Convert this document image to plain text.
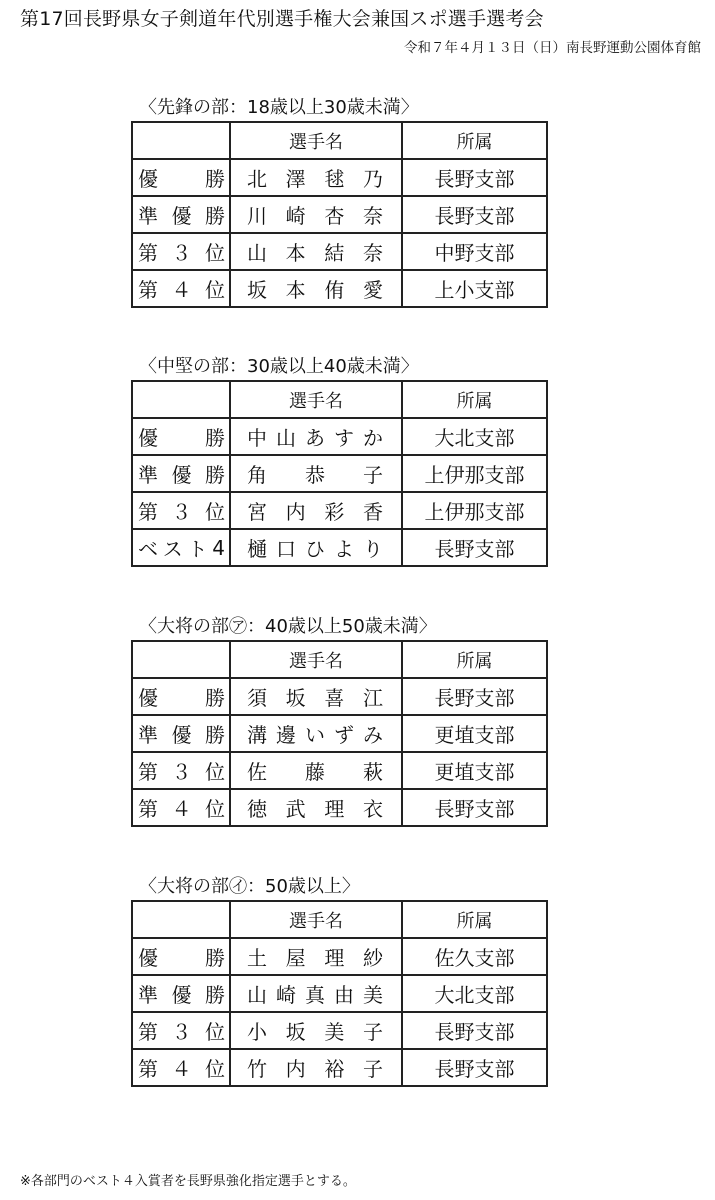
第17回長野県女子剣道年代別選手権大会兼国スポ選手選考会
令和７年４月１３日（日）南長野運動公園体育館
〈先鋒の部：18歳以上30歳未満〉
	選手名	所属

優 勝	北 澤 毬 乃	長野支部

準 優 勝	川 崎 杏 奈	長野支部

第 ３ 位	山 本 結 奈	中野支部

第 ４ 位	坂 本 侑 愛	上小支部
〈中堅の部：30歳以上40歳未満〉
	選手名	所属

優 勝	中 山 あ す か	大北支部

準 優 勝	角 恭 子	上伊那支部

第 ３ 位	宮 内 彩 香	上伊那支部

ベ ス ト 4	樋 口 ひ よ り	長野支部
〈大将の部㋐：40歳以上50歳未満〉
	選手名	所属

優 勝	須 坂 喜 江	長野支部

準 優 勝	溝 邊 い ず み	更埴支部

第 ３ 位	佐 藤 萩	更埴支部

第 ４ 位	徳 武 理 衣	長野支部
〈大将の部㋑：50歳以上〉
	選手名	所属

優 勝	土 屋 理 紗	佐久支部

準 優 勝	山 崎 真 由 美	大北支部

第 ３ 位	小 坂 美 子	長野支部

第 ４ 位	竹 内 裕 子	長野支部
※各部門のベスト４入賞者を長野県強化指定選手とする。
